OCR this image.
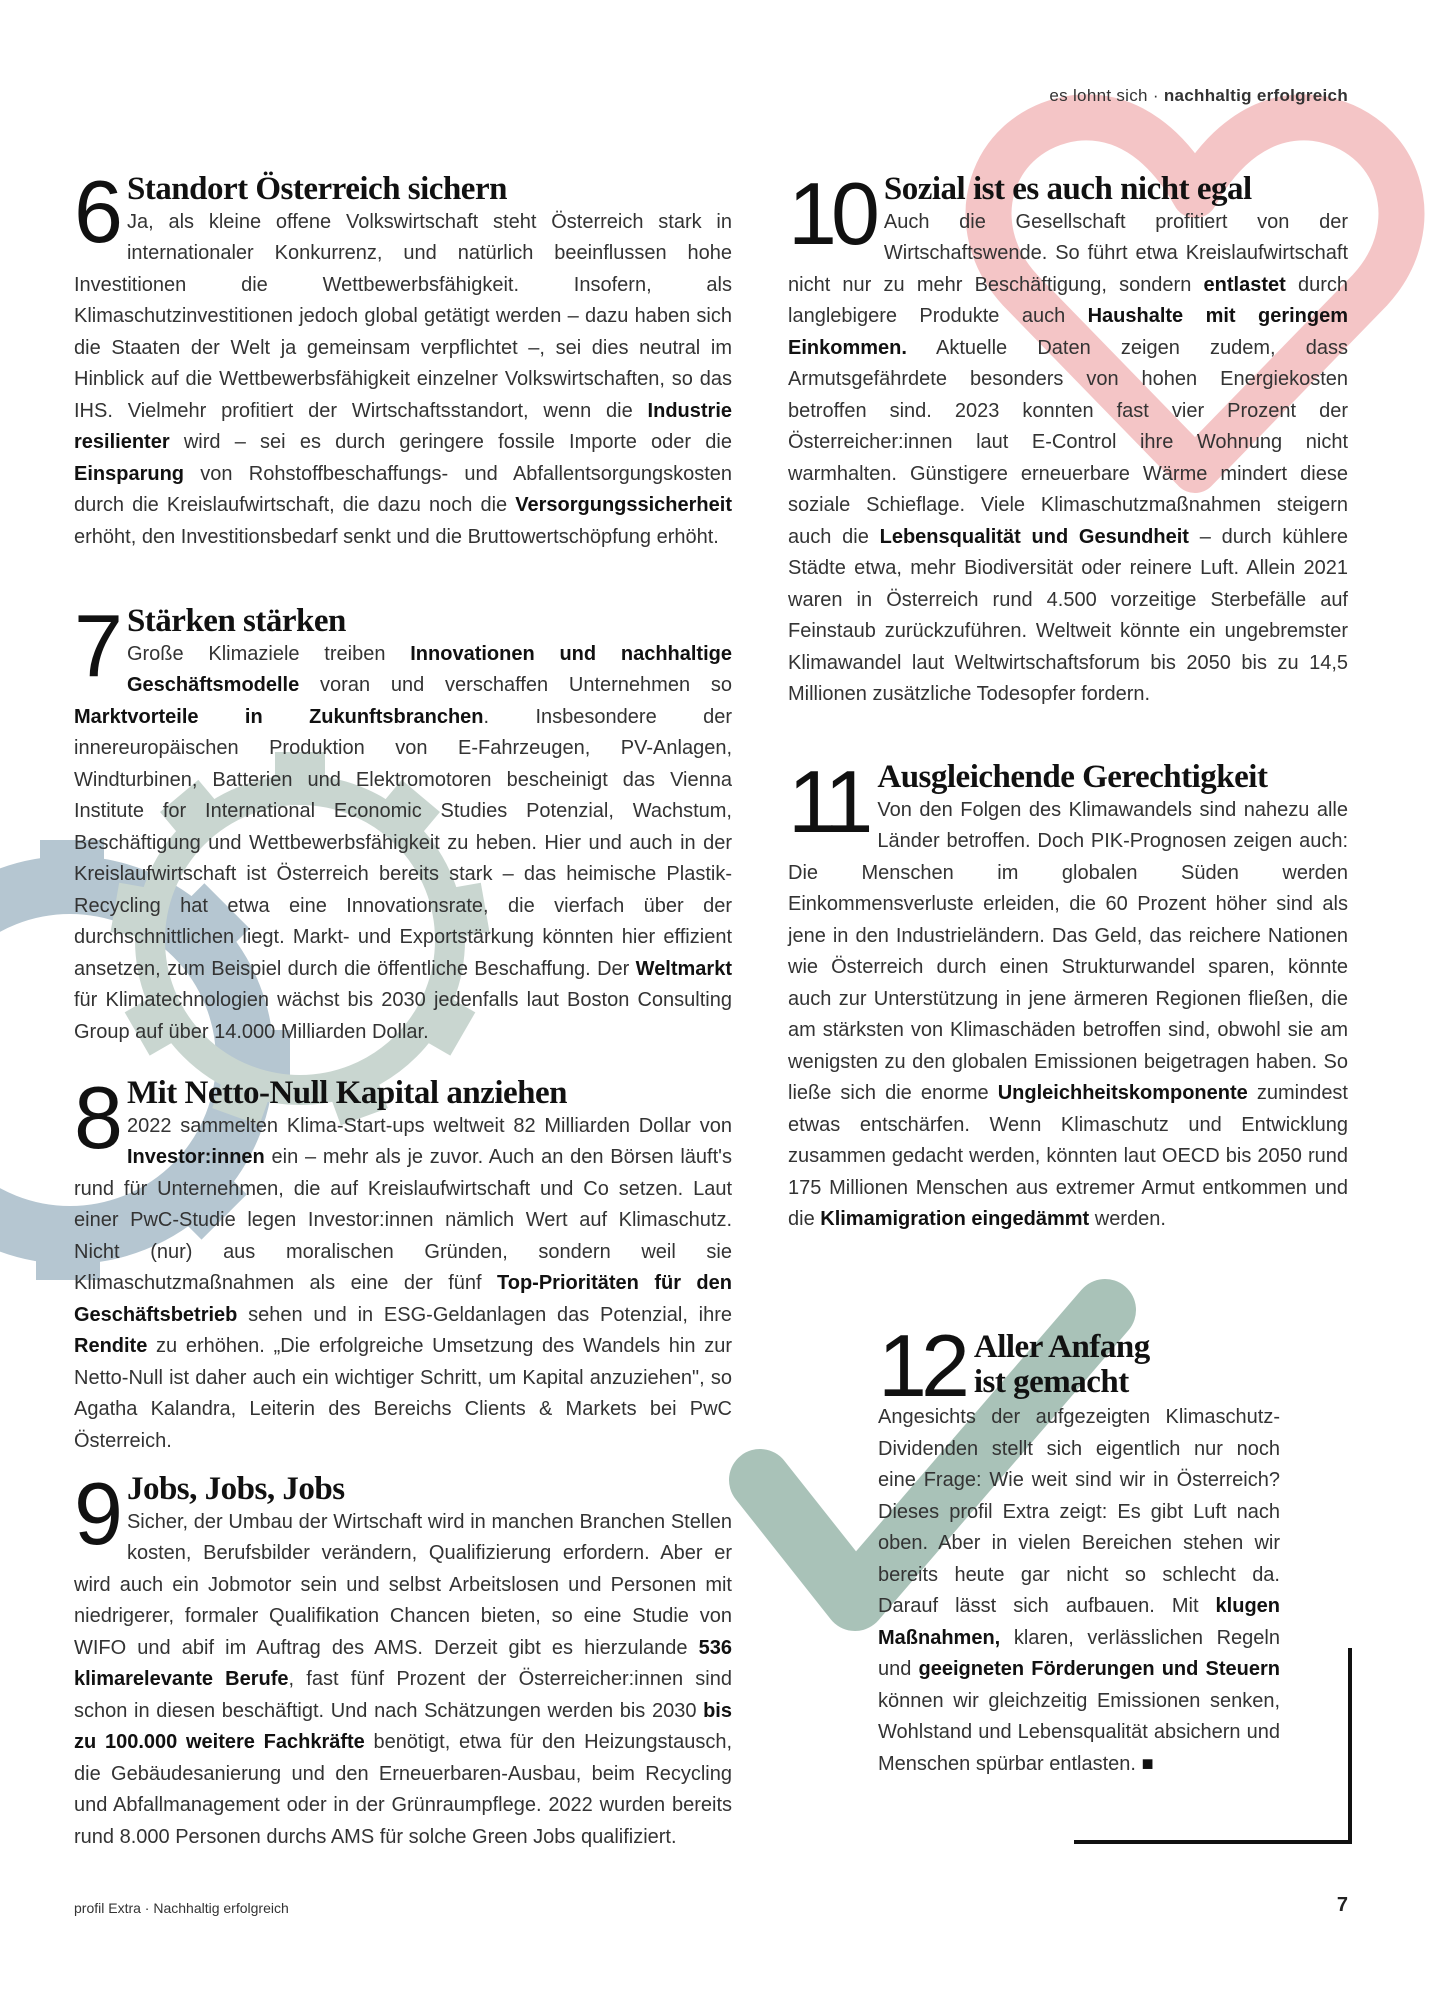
es lohnt sich · nachhaltig erfolgreich
6 Standort Österreich sichern

Ja, als kleine offene Volkswirtschaft steht Österreich stark in internationaler Konkurrenz, und natürlich beeinflussen hohe Investitionen die Wettbewerbsfähigkeit. Insofern, als Klimaschutzinvestitionen jedoch global getätigt werden – dazu haben sich die Staaten der Welt ja gemeinsam verpflichtet –, sei dies neutral im Hinblick auf die Wettbewerbsfähigkeit einzelner Volkswirtschaften, so das IHS. Vielmehr profitiert der Wirtschaftsstandort, wenn die Industrie resilienter wird – sei es durch geringere fossile Importe oder die Einsparung von Rohstoffbeschaffungs- und Abfallentsorgungskosten durch die Kreislaufwirtschaft, die dazu noch die Versorgungssicherheit erhöht, den Investitionsbedarf senkt und die Bruttowertschöpfung erhöht.

7 Stärken stärken

Große Klimaziele treiben Innovationen und nachhaltige Geschäftsmodelle voran und verschaffen Unternehmen so Marktvorteile in Zukunftsbranchen. Insbesondere der innereuropäischen Produktion von E-Fahrzeugen, PV-Anlagen, Windturbinen, Batterien und Elektromotoren bescheinigt das Vienna Institute for International Economic Studies Potenzial, Wachstum, Beschäftigung und Wettbewerbsfähigkeit zu heben. Hier und auch in der Kreislaufwirtschaft ist Österreich bereits stark – das heimische Plastik-Recycling hat etwa eine Innovationsrate, die vierfach über der durchschnittlichen liegt. Markt- und Exportstärkung könnten hier effizient ansetzen, zum Beispiel durch die öffentliche Beschaffung. Der Weltmarkt für Klimatechnologien wächst bis 2030 jedenfalls laut Boston Consulting Group auf über 14.000 Milliarden Dollar.

8 Mit Netto-Null Kapital anziehen

2022 sammelten Klima-Start-ups weltweit 82 Milliarden Dollar von Investor:innen ein – mehr als je zuvor. Auch an den Börsen läuft's rund für Unternehmen, die auf Kreislaufwirtschaft und Co setzen. Laut einer PwC-Studie legen Investor:innen nämlich Wert auf Klimaschutz. Nicht (nur) aus moralischen Gründen, sondern weil sie Klimaschutzmaßnahmen als eine der fünf Top-Prioritäten für den Geschäftsbetrieb sehen und in ESG-Geldanlagen das Potenzial, ihre Rendite zu erhöhen. „Die erfolgreiche Umsetzung des Wandels hin zur Netto-Null ist daher auch ein wichtiger Schritt, um Kapital anzuziehen", so Agatha Kalandra, Leiterin des Bereichs Clients & Markets bei PwC Österreich.

9 Jobs, Jobs, Jobs

Sicher, der Umbau der Wirtschaft wird in manchen Branchen Stellen kosten, Berufsbilder verändern, Qualifizierung erfordern. Aber er wird auch ein Jobmotor sein und selbst Arbeitslosen und Personen mit niedrigerer, formaler Qualifikation Chancen bieten, so eine Studie von WIFO und abif im Auftrag des AMS. Derzeit gibt es hierzulande 536 klimarelevante Berufe, fast fünf Prozent der Österreicher:innen sind schon in diesen beschäftigt. Und nach Schätzungen werden bis 2030 bis zu 100.000 weitere Fachkräfte benötigt, etwa für den Heizungstausch, die Gebäudesanierung und den Erneuerbaren-Ausbau, beim Recycling und Abfallmanagement oder in der Grünraumpflege. 2022 wurden bereits rund 8.000 Personen durchs AMS für solche Green Jobs qualifiziert.

10 Sozial ist es auch nicht egal

Auch die Gesellschaft profitiert von der Wirtschaftswende. So führt etwa Kreislaufwirtschaft nicht nur zu mehr Beschäftigung, sondern entlastet durch langlebigere Produkte auch Haushalte mit geringem Einkommen. Aktuelle Daten zeigen zudem, dass Armutsgefährdete besonders von hohen Energiekosten betroffen sind. 2023 konnten fast vier Prozent der Österreicher:innen laut E-Control ihre Wohnung nicht warmhalten. Günstigere erneuerbare Wärme mindert diese soziale Schieflage. Viele Klimaschutzmaßnahmen steigern auch die Lebensqualität und Gesundheit – durch kühlere Städte etwa, mehr Biodiversität oder reinere Luft. Allein 2021 waren in Österreich rund 4.500 vorzeitige Sterbefälle auf Feinstaub zurückzuführen. Weltweit könnte ein ungebremster Klimawandel laut Weltwirtschaftsforum bis 2050 bis zu 14,5 Millionen zusätzliche Todesopfer fordern.

11 Ausgleichende Gerechtigkeit

Von den Folgen des Klimawandels sind nahezu alle Länder betroffen. Doch PIK-Prognosen zeigen auch: Die Menschen im globalen Süden werden Einkommensverluste erleiden, die 60 Prozent höher sind als jene in den Industrieländern. Das Geld, das reichere Nationen wie Österreich durch einen Strukturwandel sparen, könnte auch zur Unterstützung in jene ärmeren Regionen fließen, die am stärksten von Klimaschäden betroffen sind, obwohl sie am wenigsten zu den globalen Emissionen beigetragen haben. So ließe sich die enorme Ungleichheitskomponente zumindest etwas entschärfen. Wenn Klimaschutz und Entwicklung zusammen gedacht werden, könnten laut OECD bis 2050 rund 175 Millionen Menschen aus extremer Armut entkommen und die Klimamigration eingedämmt werden.

12 Aller Anfang
ist gemacht

Angesichts der aufgezeigten Klimaschutz-Dividenden stellt sich eigentlich nur noch eine Frage: Wie weit sind wir in Österreich? Dieses profil Extra zeigt: Es gibt Luft nach oben. Aber in vielen Bereichen stehen wir bereits heute gar nicht so schlecht da. Darauf lässt sich aufbauen. Mit klugen Maßnahmen, klaren, verlässlichen Regeln und geeigneten Förderungen und Steuern können wir gleichzeitig Emissionen senken, Wohlstand und Lebensqualität absichern und Menschen spürbar entlasten. ■

profil Extra · Nachhaltig erfolgreich	7
